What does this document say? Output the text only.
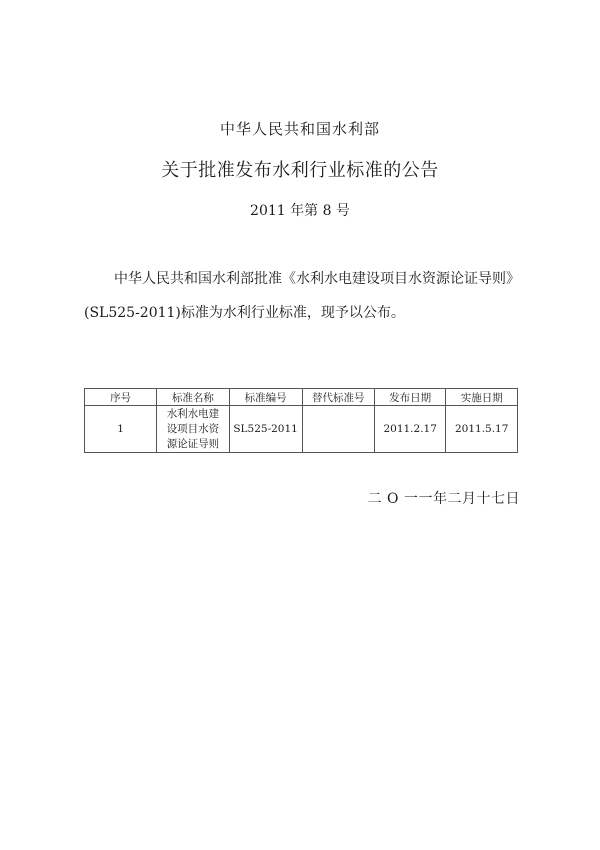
中华人民共和国水利部
关于批准发布水利行业标准的公告
2011 年第 8 号

中华人民共和国水利部批准《水利水电建设项目水资源论证导则》

(SL525-2011)标准为水利行业标准，现予以公布。

序号	标准名称	标准编号	替代标准号	发布日期	实施日期
1	水利水电建
设项目水资
源论证导则	SL525-2011		2011.2.17	2011.5.17
二 O 一一年二月十七日
